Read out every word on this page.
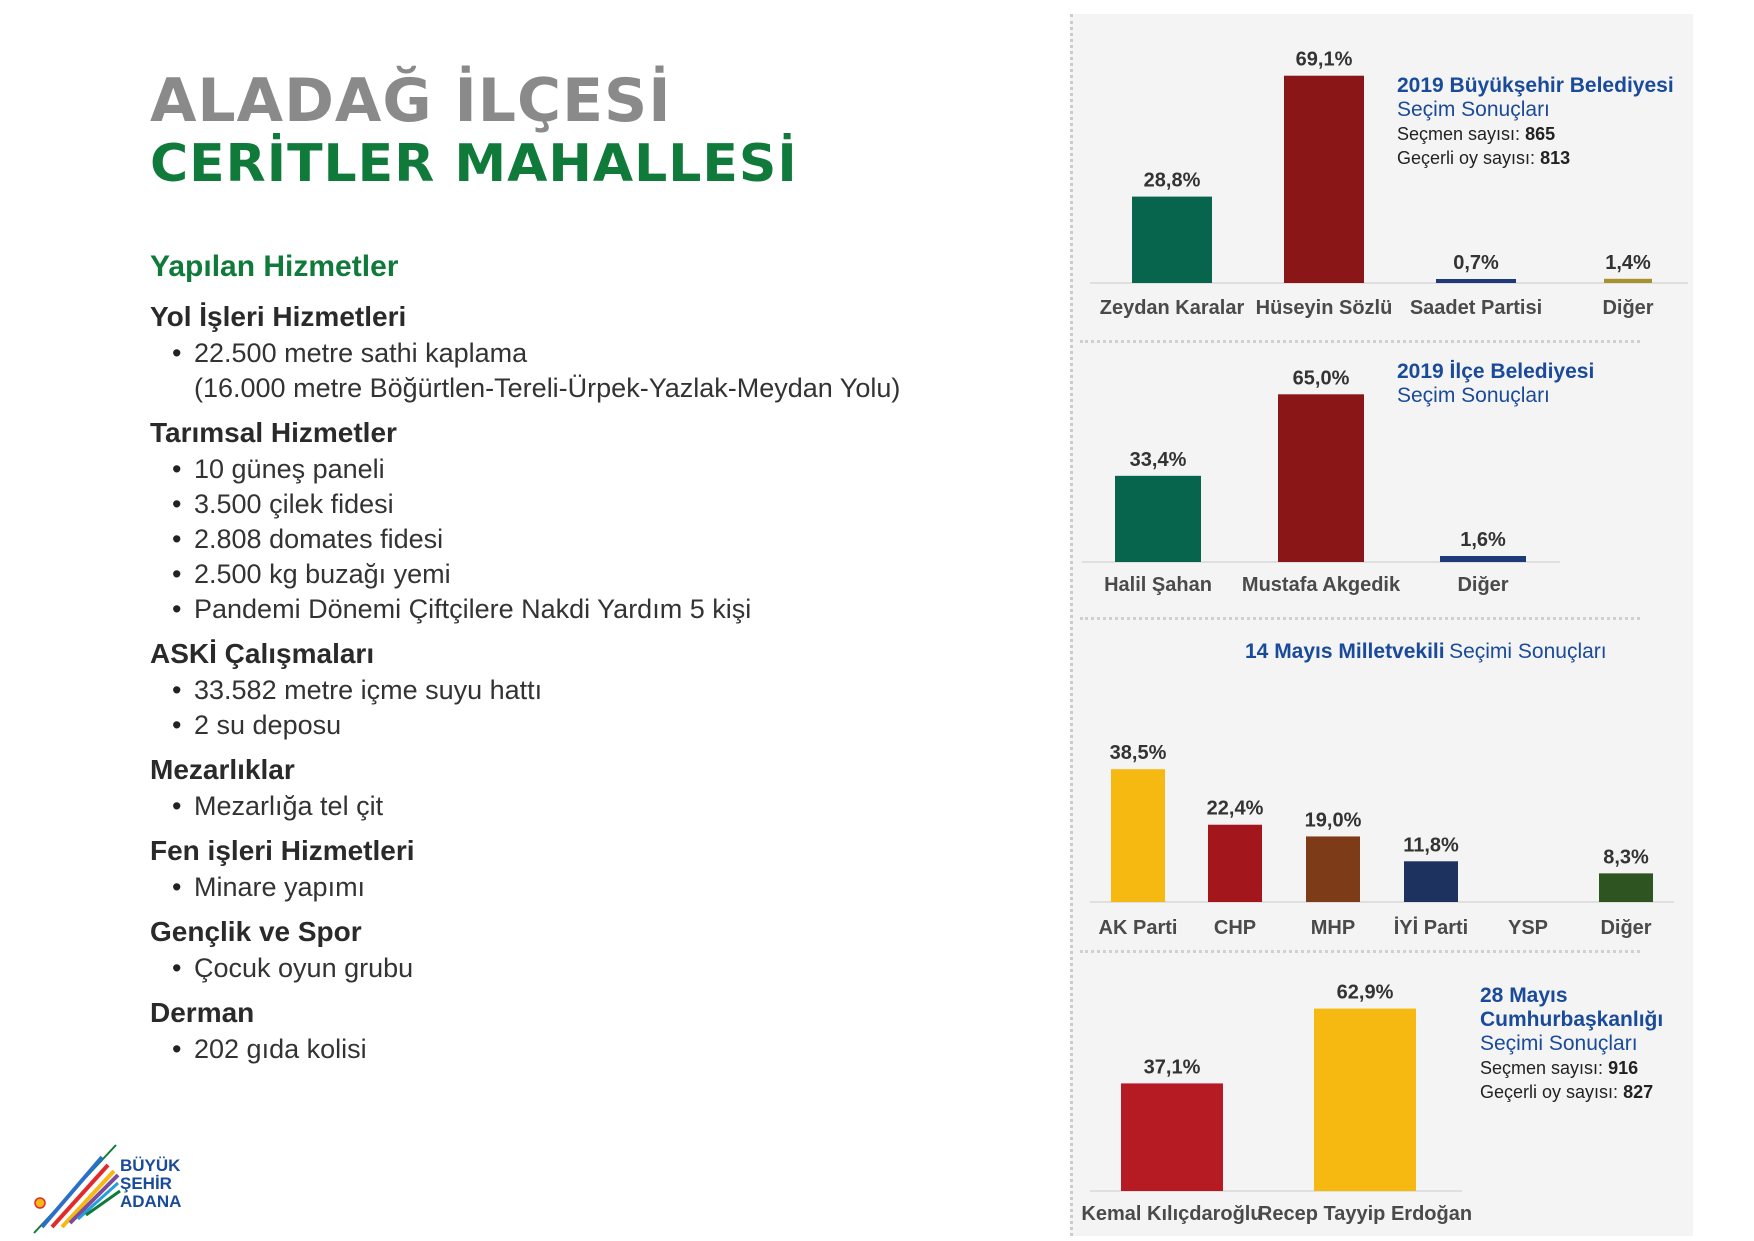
ALADAĞ İLÇESİ
CERİTLER MAHALLESİ
Yapılan Hizmetler
Yol İşleri Hizmetleri
• 22.500 metre sathi kaplama
(16.000 metre Böğürtlen-Tereli-Ürpek-Yazlak-Meydan Yolu)
Tarımsal Hizmetler
• 10 güneş paneli
• 3.500 çilek fidesi
• 2.808 domates fidesi
• 2.500 kg buzağı yemi
• Pandemi Dönemi Çiftçilere Nakdi Yardım 5 kişi
ASKİ Çalışmaları
• 33.582 metre içme suyu hattı
• 2 su deposu
Mezarlıklar
• Mezarlığa tel çit
Fen işleri Hizmetleri
• Minare yapımı
Gençlik ve Spor
• Çocuk oyun grubu
Derman
• 202 gıda kolisi
BÜYÜK
ŞEHİR
ADANA
2019 Büyükşehir Belediyesi
Seçim Sonuçları
Seçmen sayısı: 865
Geçerli oy sayısı: 813
2019 İlçe Belediyesi
Seçim Sonuçları
14 Mayıs Milletvekili Seçimi Sonuçları
28 Mayıs
Cumhurbaşkanlığı
Seçimi Sonuçları
Seçmen sayısı: 916
Geçerli oy sayısı: 827
28,8%
Zeydan Karalar
69,1%
Hüseyin Sözlü
0,7%
Saadet Partisi
1,4%
Diğer
33,4%
Halil Şahan
65,0%
Mustafa Akgedik
1,6%
Diğer
38,5%
AK Parti
22,4%
CHP
19,0%
MHP
11,8%
İYİ Parti YSP
8,3%
Diğer
37,1%
Kemal Kılıçdaroğlu
62,9%
Recep Tayyip Erdoğan
